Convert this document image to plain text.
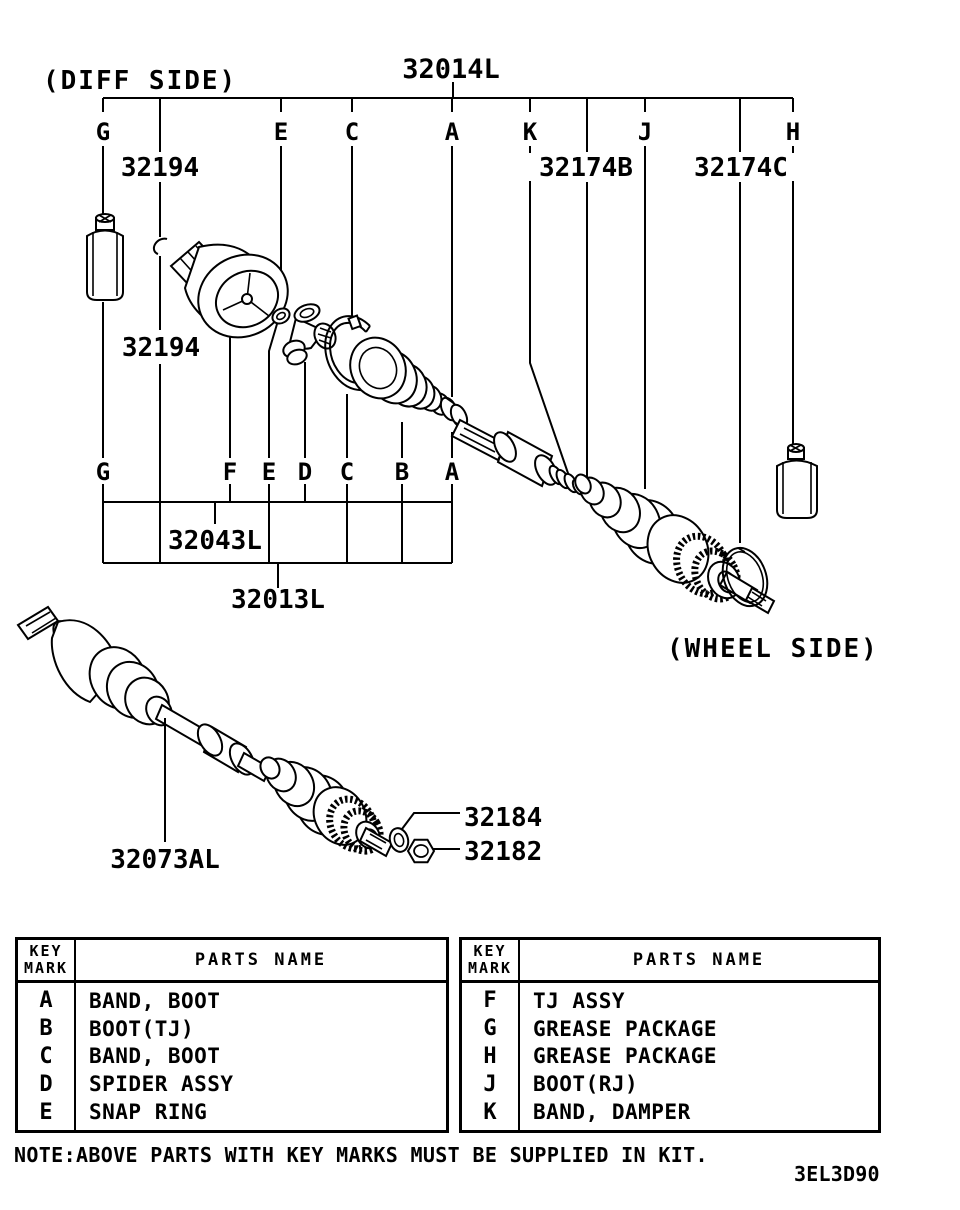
(DIFF SIDE)
(WHEEL SIDE)
32014L
32194
32194
32174B 32174C
32043L
32013L
32073AL
32184
32182
G	E C	A	K	J	H
G	F E D C B A
KEY
MARK	PARTS NAME
A	BAND, BOOT
B	BOOT(TJ)
C	BAND, BOOT
D	SPIDER ASSY
E	SNAP RING
KEY
MARK	PARTS NAME
F	TJ ASSY
G	GREASE PACKAGE
H	GREASE PACKAGE
J	BOOT(RJ)
K	BAND, DAMPER
NOTE:ABOVE PARTS WITH KEY MARKS MUST BE SUPPLIED IN KIT.
3EL3D90
